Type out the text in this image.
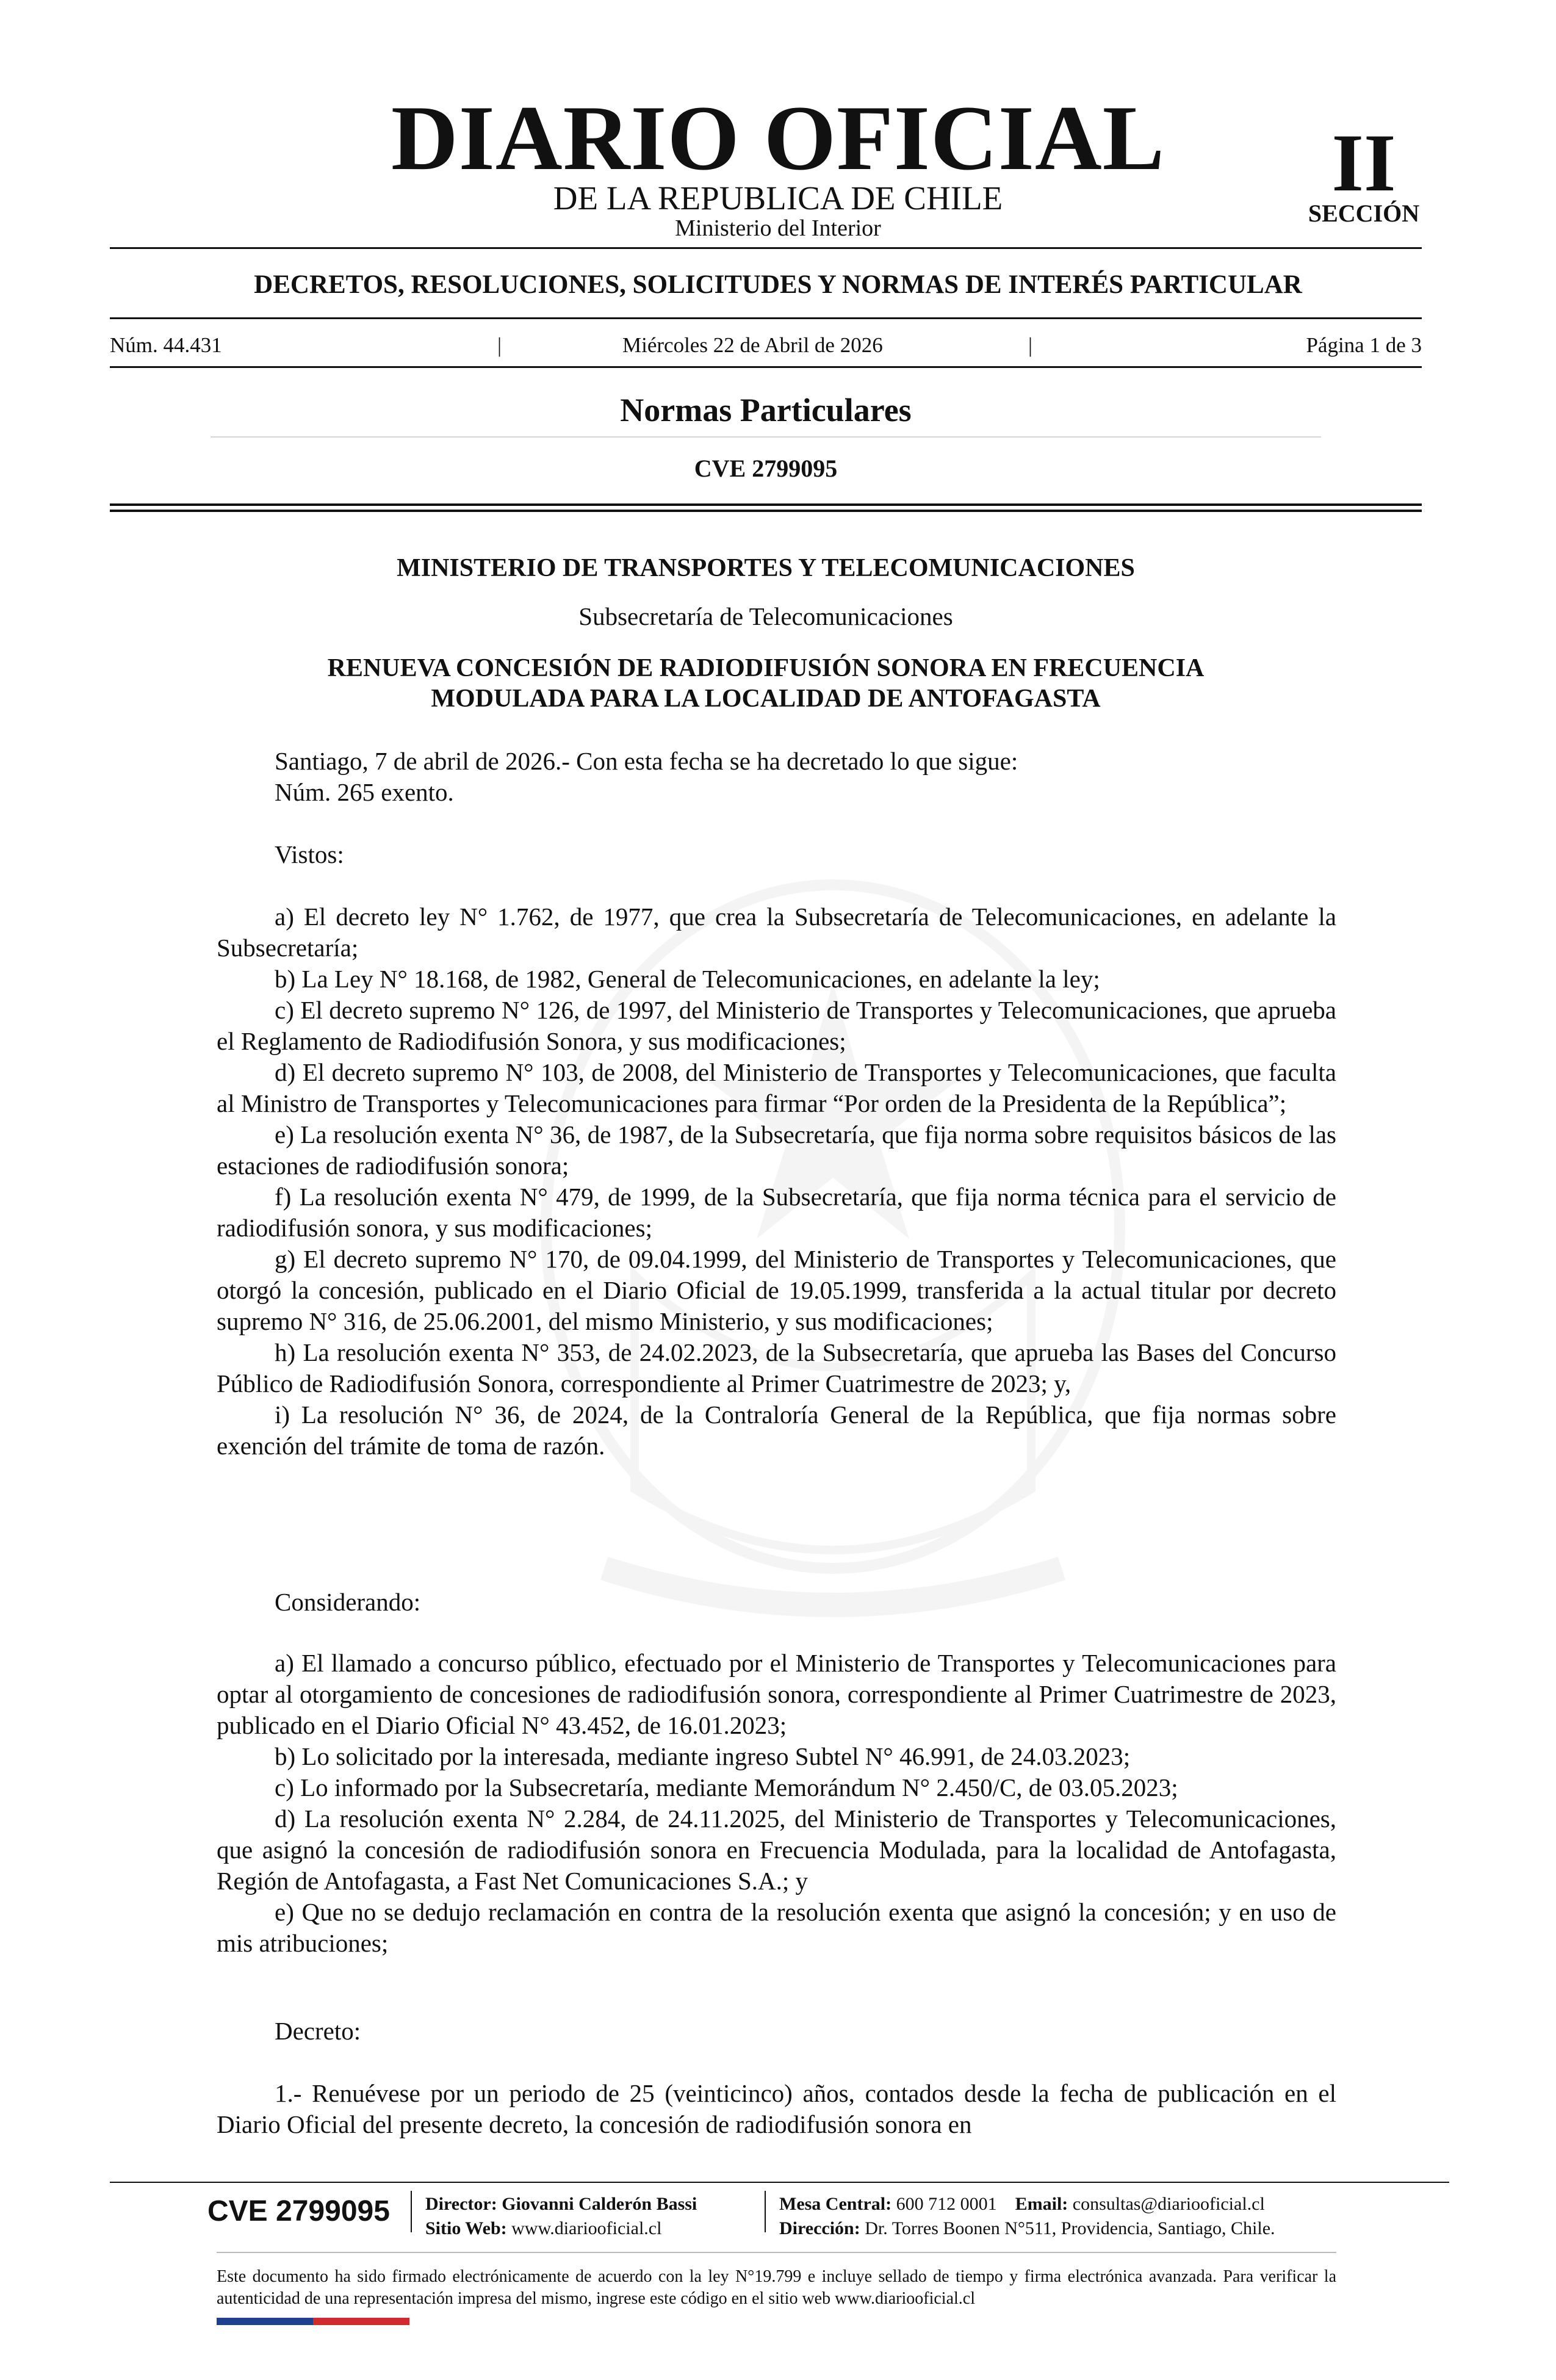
DIARIO OFICIAL
DE LA REPUBLICA DE CHILE
Ministerio del Interior
II
SECCIÓN
DECRETOS, RESOLUCIONES, SOLICITUDES Y NORMAS DE INTERÉS PARTICULAR
Núm. 44.431	|	Miércoles 22 de Abril de 2026	|	Página 1 de 3
Normas Particulares
CVE 2799095
MINISTERIO DE TRANSPORTES Y TELECOMUNICACIONES
Subsecretaría de Telecomunicaciones
RENUEVA CONCESIÓN DE RADIODIFUSIÓN SONORA EN FRECUENCIA
MODULADA PARA LA LOCALIDAD DE ANTOFAGASTA

Santiago, 7 de abril de 2026.- Con esta fecha se ha decretado lo que sigue:

Núm. 265 exento.

Vistos:

a) El decreto ley N° 1.762, de 1977, que crea la Subsecretaría de Telecomunicaciones, en adelante la Subsecretaría;

b) La Ley N° 18.168, de 1982, General de Telecomunicaciones, en adelante la ley;

c) El decreto supremo N° 126, de 1997, del Ministerio de Transportes y Telecomunicaciones, que aprueba el Reglamento de Radiodifusión Sonora, y sus modificaciones;

d) El decreto supremo N° 103, de 2008, del Ministerio de Transportes y Telecomunicaciones, que faculta al Ministro de Transportes y Telecomunicaciones para firmar “Por orden de la Presidenta de la República”;

e) La resolución exenta N° 36, de 1987, de la Subsecretaría, que fija norma sobre requisitos básicos de las estaciones de radiodifusión sonora;

f) La resolución exenta N° 479, de 1999, de la Subsecretaría, que fija norma técnica para el servicio de radiodifusión sonora, y sus modificaciones;

g) El decreto supremo N° 170, de 09.04.1999, del Ministerio de Transportes y Telecomunicaciones, que otorgó la concesión, publicado en el Diario Oficial de 19.05.1999, transferida a la actual titular por decreto supremo N° 316, de 25.06.2001, del mismo Ministerio, y sus modificaciones;

h) La resolución exenta N° 353, de 24.02.2023, de la Subsecretaría, que aprueba las Bases del Concurso Público de Radiodifusión Sonora, correspondiente al Primer Cuatrimestre de 2023; y,

i) La resolución N° 36, de 2024, de la Contraloría General de la República, que fija normas sobre exención del trámite de toma de razón.

Considerando:

a) El llamado a concurso público, efectuado por el Ministerio de Transportes y Telecomunicaciones para optar al otorgamiento de concesiones de radiodifusión sonora, correspondiente al Primer Cuatrimestre de 2023, publicado en el Diario Oficial N° 43.452, de 16.01.2023;

b) Lo solicitado por la interesada, mediante ingreso Subtel N° 46.991, de 24.03.2023;

c) Lo informado por la Subsecretaría, mediante Memorándum N° 2.450/C, de 03.05.2023;

d) La resolución exenta N° 2.284, de 24.11.2025, del Ministerio de Transportes y Telecomunicaciones, que asignó la concesión de radiodifusión sonora en Frecuencia Modulada, para la localidad de Antofagasta, Región de Antofagasta, a Fast Net Comunicaciones S.A.; y

e) Que no se dedujo reclamación en contra de la resolución exenta que asignó la concesión; y en uso de mis atribuciones;

Decreto:

1.- Renuévese por un periodo de 25 (veinticinco) años, contados desde la fecha de publicación en el Diario Oficial del presente decreto, la concesión de radiodifusión sonora en

CVE 2799095 Director: Giovanni Calderón Bassi
Sitio Web: www.diariooficial.cl
Mesa Central: 600 712 0001 Email: consultas@diariooficial.cl
Dirección: Dr. Torres Boonen N°511, Providencia, Santiago, Chile.
Este documento ha sido firmado electrónicamente de acuerdo con la ley N°19.799 e incluye sellado de tiempo y firma electrónica avanzada. Para verificar la autenticidad de una representación impresa del mismo, ingrese este código en el sitio web www.diariooficial.cl
